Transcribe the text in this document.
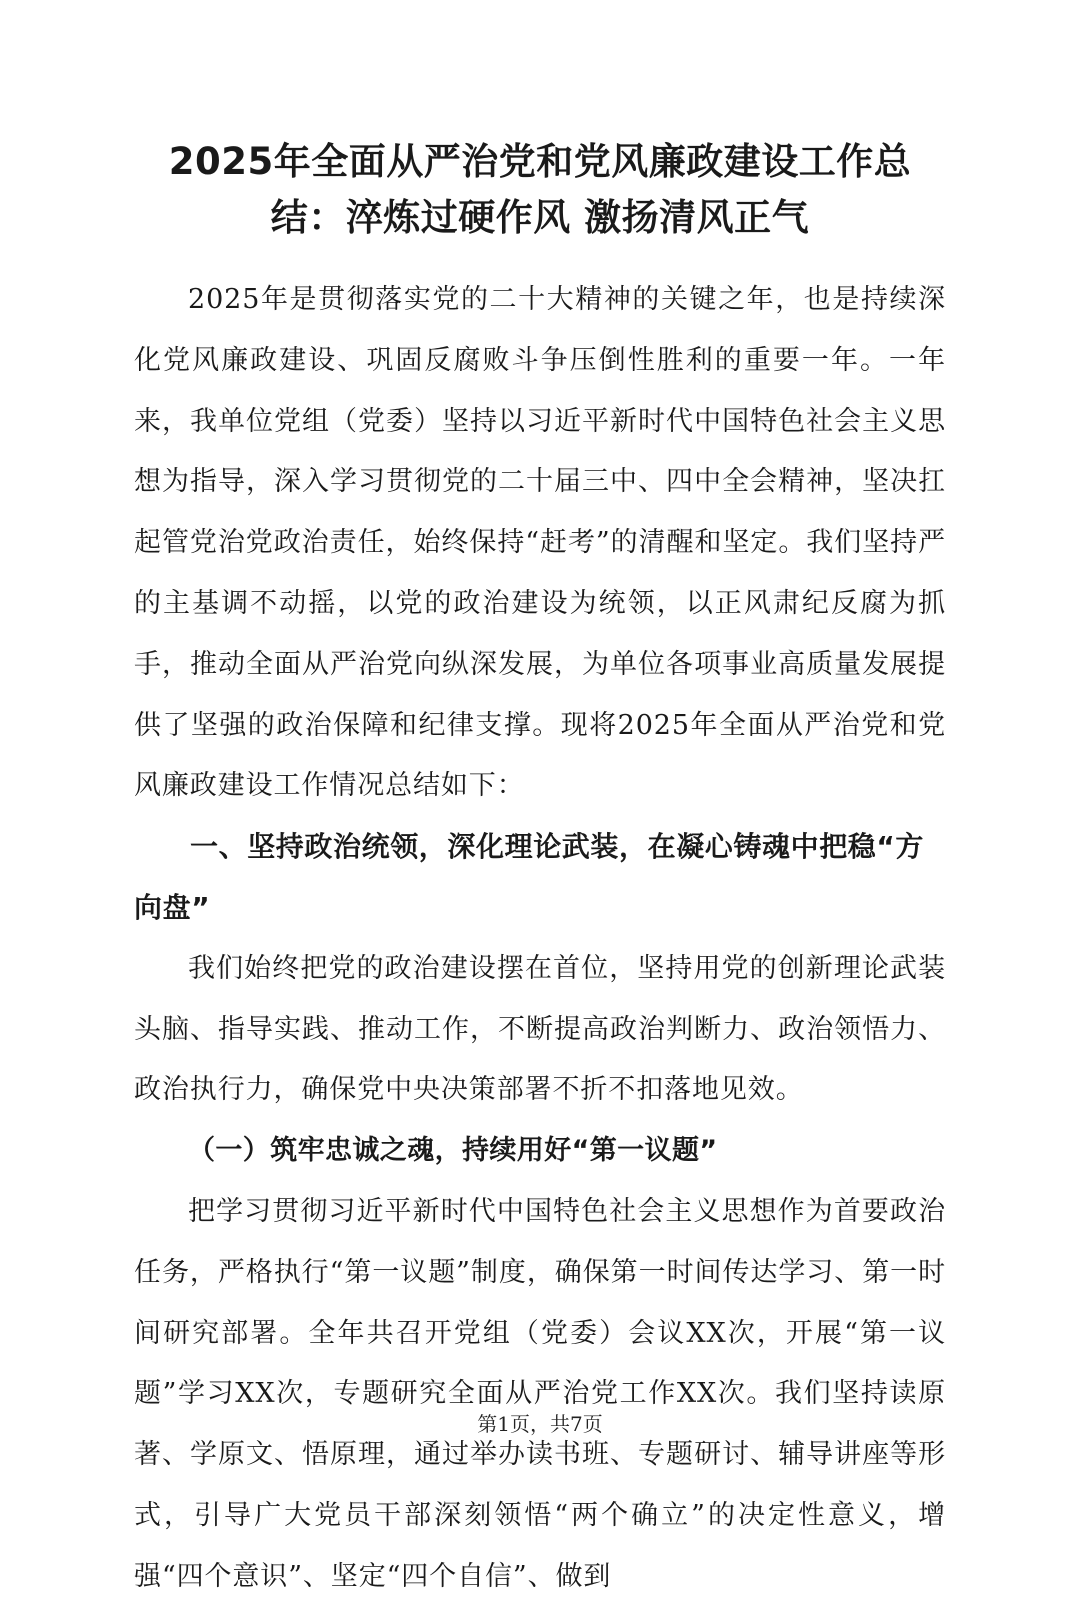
2025年全面从严治党和党风廉政建设工作总
结：淬炼过硬作风 激扬清风正气

2025年是贯彻落实党的二十大精神的关键之年，也是持续深化党风廉政建设、巩固反腐败斗争压倒性胜利的重要一年。一年来，我单位党组（党委）坚持以习近平新时代中国特色社会主义思想为指导，深入学习贯彻党的二十届三中、四中全会精神，坚决扛起管党治党政治责任，始终保持“赶考”的清醒和坚定。我们坚持严的主基调不动摇，以党的政治建设为统领，以正风肃纪反腐为抓手，推动全面从严治党向纵深发展，为单位各项事业高质量发展提供了坚强的政治保障和纪律支撑。现将2025年全面从严治党和党风廉政建设工作情况总结如下：

一、坚持政治统领，深化理论武装，在凝心铸魂中把稳“方向盘”

我们始终把党的政治建设摆在首位，坚持用党的创新理论武装头脑、指导实践、推动工作，不断提高政治判断力、政治领悟力、政治执行力，确保党中央决策部署不折不扣落地见效。

（一）筑牢忠诚之魂，持续用好“第一议题”

把学习贯彻习近平新时代中国特色社会主义思想作为首要政治任务，严格执行“第一议题”制度，确保第一时间传达学习、第一时间研究部署。全年共召开党组（党委）会议XX次，开展“第一议题”学习XX次，专题研究全面从严治党工作XX次。我们坚持读原著、学原文、悟原理，通过举办读书班、专题研讨、辅导讲座等形式，引导广大党员干部深刻领悟“两个确立”的决定性意义，增强“四个意识”、坚定“四个自信”、做到

第1页，共7页
